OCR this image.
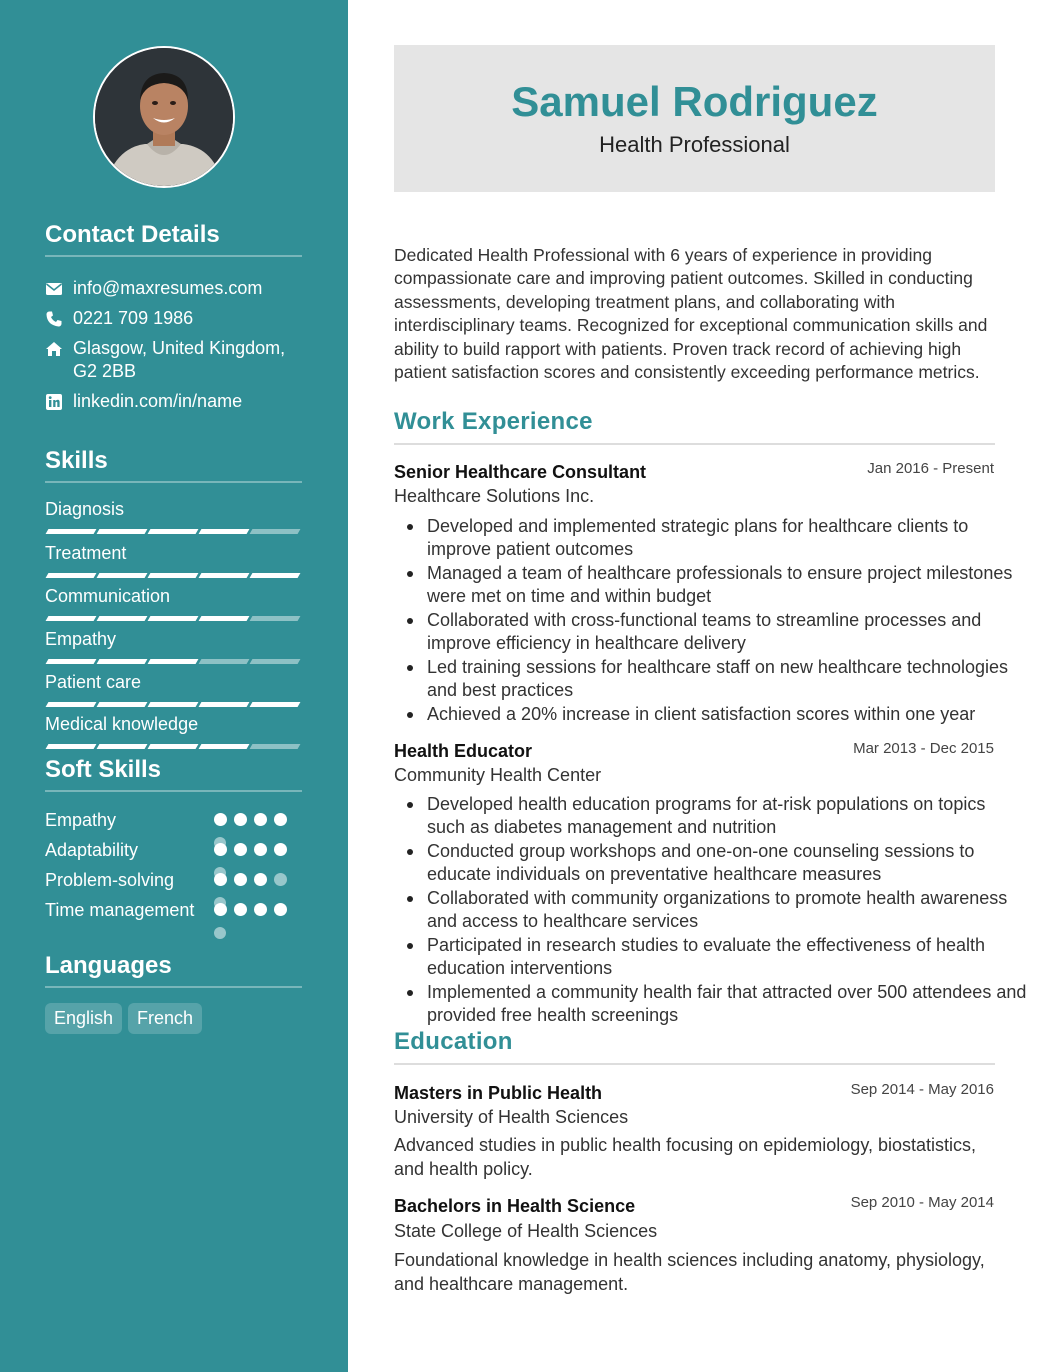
Contact Details
info@maxresumes.com
0221 709 1986
Glasgow, United Kingdom, G2 2BB
linkedin.com/in/name
Skills
Diagnosis
Treatment
Communication
Empathy
Patient care
Medical knowledge
Soft Skills
Empathy
Adaptability
Problem-solving
Time management
Languages
English	French
Samuel Rodriguez
Health Professional

Dedicated Health Professional with 6 years of experience in providing compassionate care and improving patient outcomes. Skilled in conducting assessments, developing treatment plans, and collaborating with interdisciplinary teams. Recognized for exceptional communication skills and ability to build rapport with patients. Proven track record of achieving high patient satisfaction scores and consistently exceeding performance metrics.

Work Experience
Senior Healthcare Consultant	Jan 2016 - Present
Healthcare Solutions Inc.
Developed and implemented strategic plans for healthcare clients to improve patient outcomes
Managed a team of healthcare professionals to ensure project milestones were met on time and within budget
Collaborated with cross-functional teams to streamline processes and improve efficiency in healthcare delivery
Led training sessions for healthcare staff on new healthcare technologies and best practices
Achieved a 20% increase in client satisfaction scores within one year
Health Educator	Mar 2013 - Dec 2015
Community Health Center
Developed health education programs for at-risk populations on topics such as diabetes management and nutrition
Conducted group workshops and one-on-one counseling sessions to educate individuals on preventative healthcare measures
Collaborated with community organizations to promote health awareness and access to healthcare services
Participated in research studies to evaluate the effectiveness of health education interventions
Implemented a community health fair that attracted over 500 attendees and provided free health screenings
Education
Masters in Public Health	Sep 2014 - May 2016
University of Health Sciences

Advanced studies in public health focusing on epidemiology, biostatistics, and health policy.

Bachelors in Health Science	Sep 2010 - May 2014
State College of Health Sciences

Foundational knowledge in health sciences including anatomy, physiology, and healthcare management.
